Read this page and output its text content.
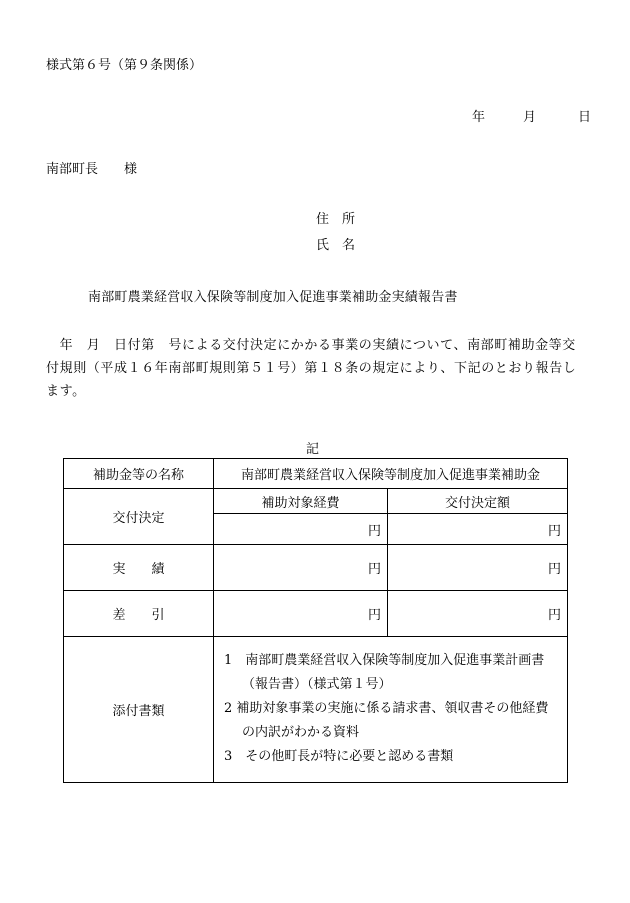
様式第６号（第９条関係）
年	月	日
南部町長　　様
住　所
氏　名
南部町農業経営収入保険等制度加入促進事業補助金実績報告書
　年　月　日付第　号による交付決定にかかる事業の実績について、南部町補助金等交付規則（平成１６年南部町規則第５１号）第１８条の規定により、下記のとおり報告します。
記
補助金等の名称	南部町農業経営収入保険等制度加入促進事業補助金	
交付決定	補助対象経費	交付決定額
	円	円
実　　績	円	円
差　　引	円	円
添付書類	1　南部町農業経営収入保険等制度加入促進事業計画書（報告書）（様式第１号）
2 補助対象事業の実施に係る請求書、領収書その他経費の内訳がわかる資料
3　その他町長が特に必要と認める書類	
